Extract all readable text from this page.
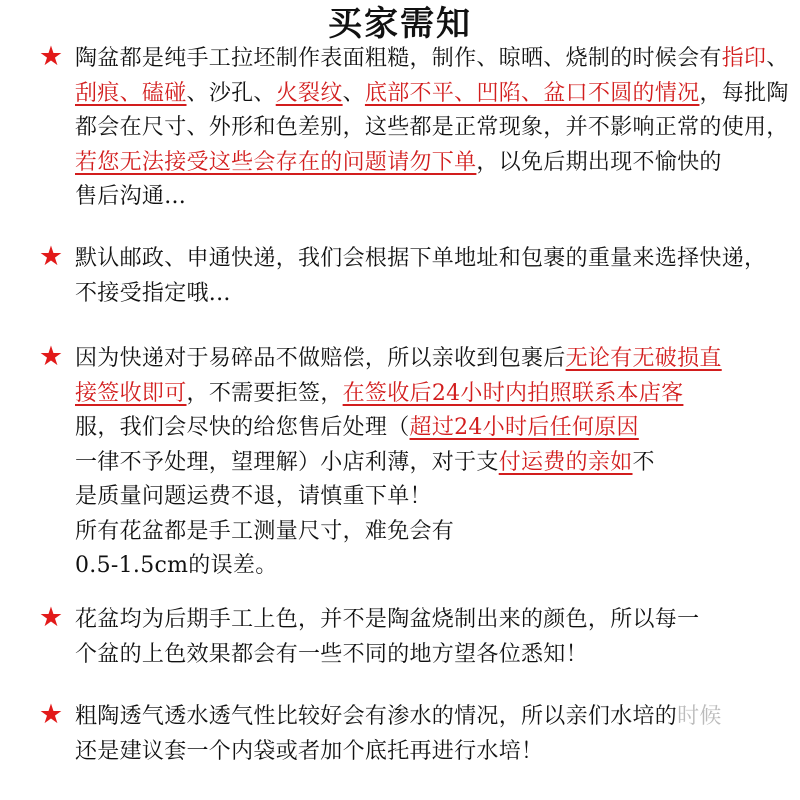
买家需知
★ 陶盆都是纯手工拉坯制作表面粗糙，制作、晾晒、烧制的时候会有指印、
刮痕、磕碰、沙孔、火裂纹、底部不平、凹陷、盆口不圆的情况，每批陶
都会在尺寸、外形和色差别，这些都是正常现象，并不影响正常的使用，
若您无法接受这些会存在的问题请勿下单，以免后期出现不愉快的
售后沟通...
★ 默认邮政、申通快递，我们会根据下单地址和包裹的重量来选择快递，
不接受指定哦...
★ 因为快递对于易碎品不做赔偿，所以亲收到包裹后无论有无破损直
接签收即可，不需要拒签，在签收后24小时内拍照联系本店客
服，我们会尽快的给您售后处理（超过24小时后任何原因
一律不予处理，望理解）小店利薄，对于支付运费的亲如不
是质量问题运费不退，请慎重下单！
所有花盆都是手工测量尺寸，难免会有
0.5-1.5cm的误差。
★ 花盆均为后期手工上色，并不是陶盆烧制出来的颜色，所以每一
个盆的上色效果都会有一些不同的地方望各位悉知！
★ 粗陶透气透水透气性比较好会有渗水的情况，所以亲们水培的时候
还是建议套一个内袋或者加个底托再进行水培！
